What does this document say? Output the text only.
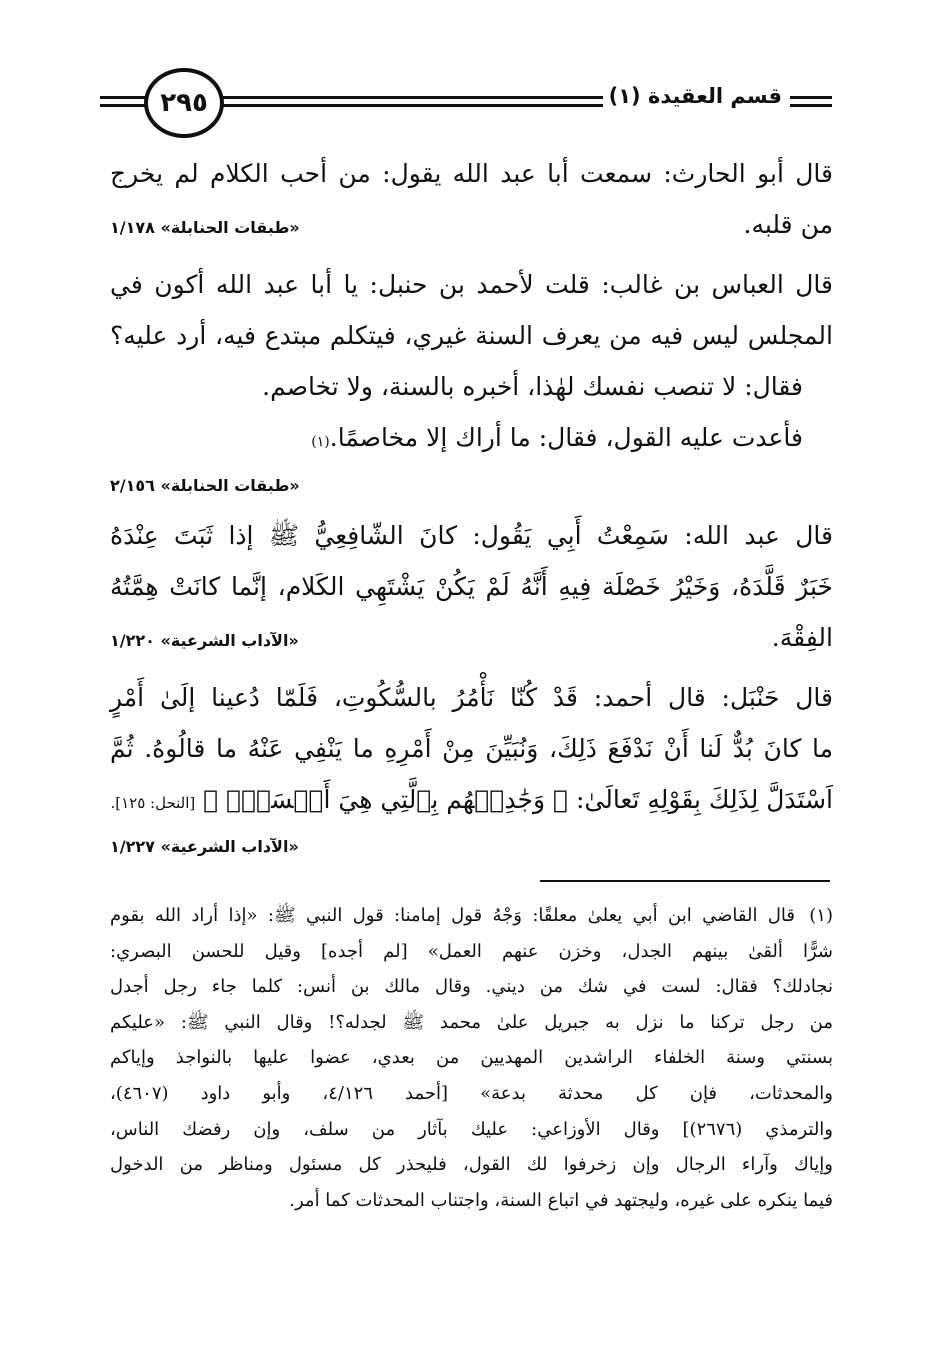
٢٩٥	قسم العقيدة (١)
قال أبو الحارث: سمعت أبا عبد الله يقول: من أحب الكلام لم يخرج
من قلبه.
«طبقات الحنابلة» ١/١٧٨
قال العباس بن غالب: قلت لأحمد بن حنبل: يا أبا عبد الله أكون في
المجلس ليس فيه من يعرف السنة غيري، فيتكلم مبتدع فيه، أرد عليه؟
فقال: لا تنصب نفسك لهٰذا، أخبره بالسنة، ولا تخاصم.
فأعدت عليه القول، فقال: ما أراك إلا مخاصمًا.
(١)
«طبقات الحنابلة» ٢/١٥٦
قال عبد الله: سَمِعْتُ أَبِي يَقُول: كانَ الشّافِعِيُّ ﷺ إذا ثَبَتَ عِنْدَهُ
خَبَرٌ قَلَّدَهُ، وَخَيْرُ خَصْلَة فِيهِ أَنَّهُ لَمْ يَكُنْ يَشْتَهِي الكَلام، إنَّما كانَتْ هِمَّتُهُ
الفِقْهَ.
«الآداب الشرعية» ١/٢٢٠
قال حَنْبَل: قال أحمد: قَدْ كُنّا نَأْمُرُ بالسُّكُوتِ، فَلَمّا دُعينا إلَىٰ أَمْرٍ
ما كانَ بُدٌّ لَنا أَنْ نَدْفَعَ ذَلِكَ، وَنُبَيِّنَ مِنْ أَمْرِهِ ما يَنْفِي عَنْهُ ما قالُوهُ. ثُمَّ
اَسْتَدَلَّ لِذَلِكَ بِقَوْلِهِ تَعالَىٰ: ﴿ وَجَٰدِلۡهُم بِٱلَّتِي هِيَ أَحۡسَنُۚ ﴾

[النحل: ١٢٥].
«الآداب الشرعية» ١/٢٢٧
(١)
قال القاضي ابن أبي يعلىٰ معلقًا: وَجْهُ قول إمامنا: قول النبي ﷺ: «إذا أراد الله بقوم
شرًّا ألقىٰ بينهم الجدل، وخزن عنهم العمل» [لم أجده] وقيل للحسن البصري:
نجادلك؟ فقال: لست في شك من ديني. وقال مالك بن أنس: كلما جاء رجل أجدل
من رجل تركنا ما نزل به جبريل علىٰ محمد ﷺ لجدله؟! وقال النبي ﷺ: «عليكم
بسنتي وسنة الخلفاء الراشدين المهديين من بعدي، عضوا عليها بالنواجذ وإياكم
والمحدثات، فإن كل محدثة بدعة» [أحمد ٤/١٢٦، وأبو داود (٤٦٠٧)،
والترمذي (٢٦٧٦)] وقال الأوزاعي: عليك بآثار من سلف، وإن رفضك الناس،
وإياك وآراء الرجال وإن زخرفوا لك القول، فليحذر كل مسئول ومناظر من الدخول
فيما ينكره على غيره، وليجتهد في اتباع السنة، واجتناب المحدثات كما أمر.
